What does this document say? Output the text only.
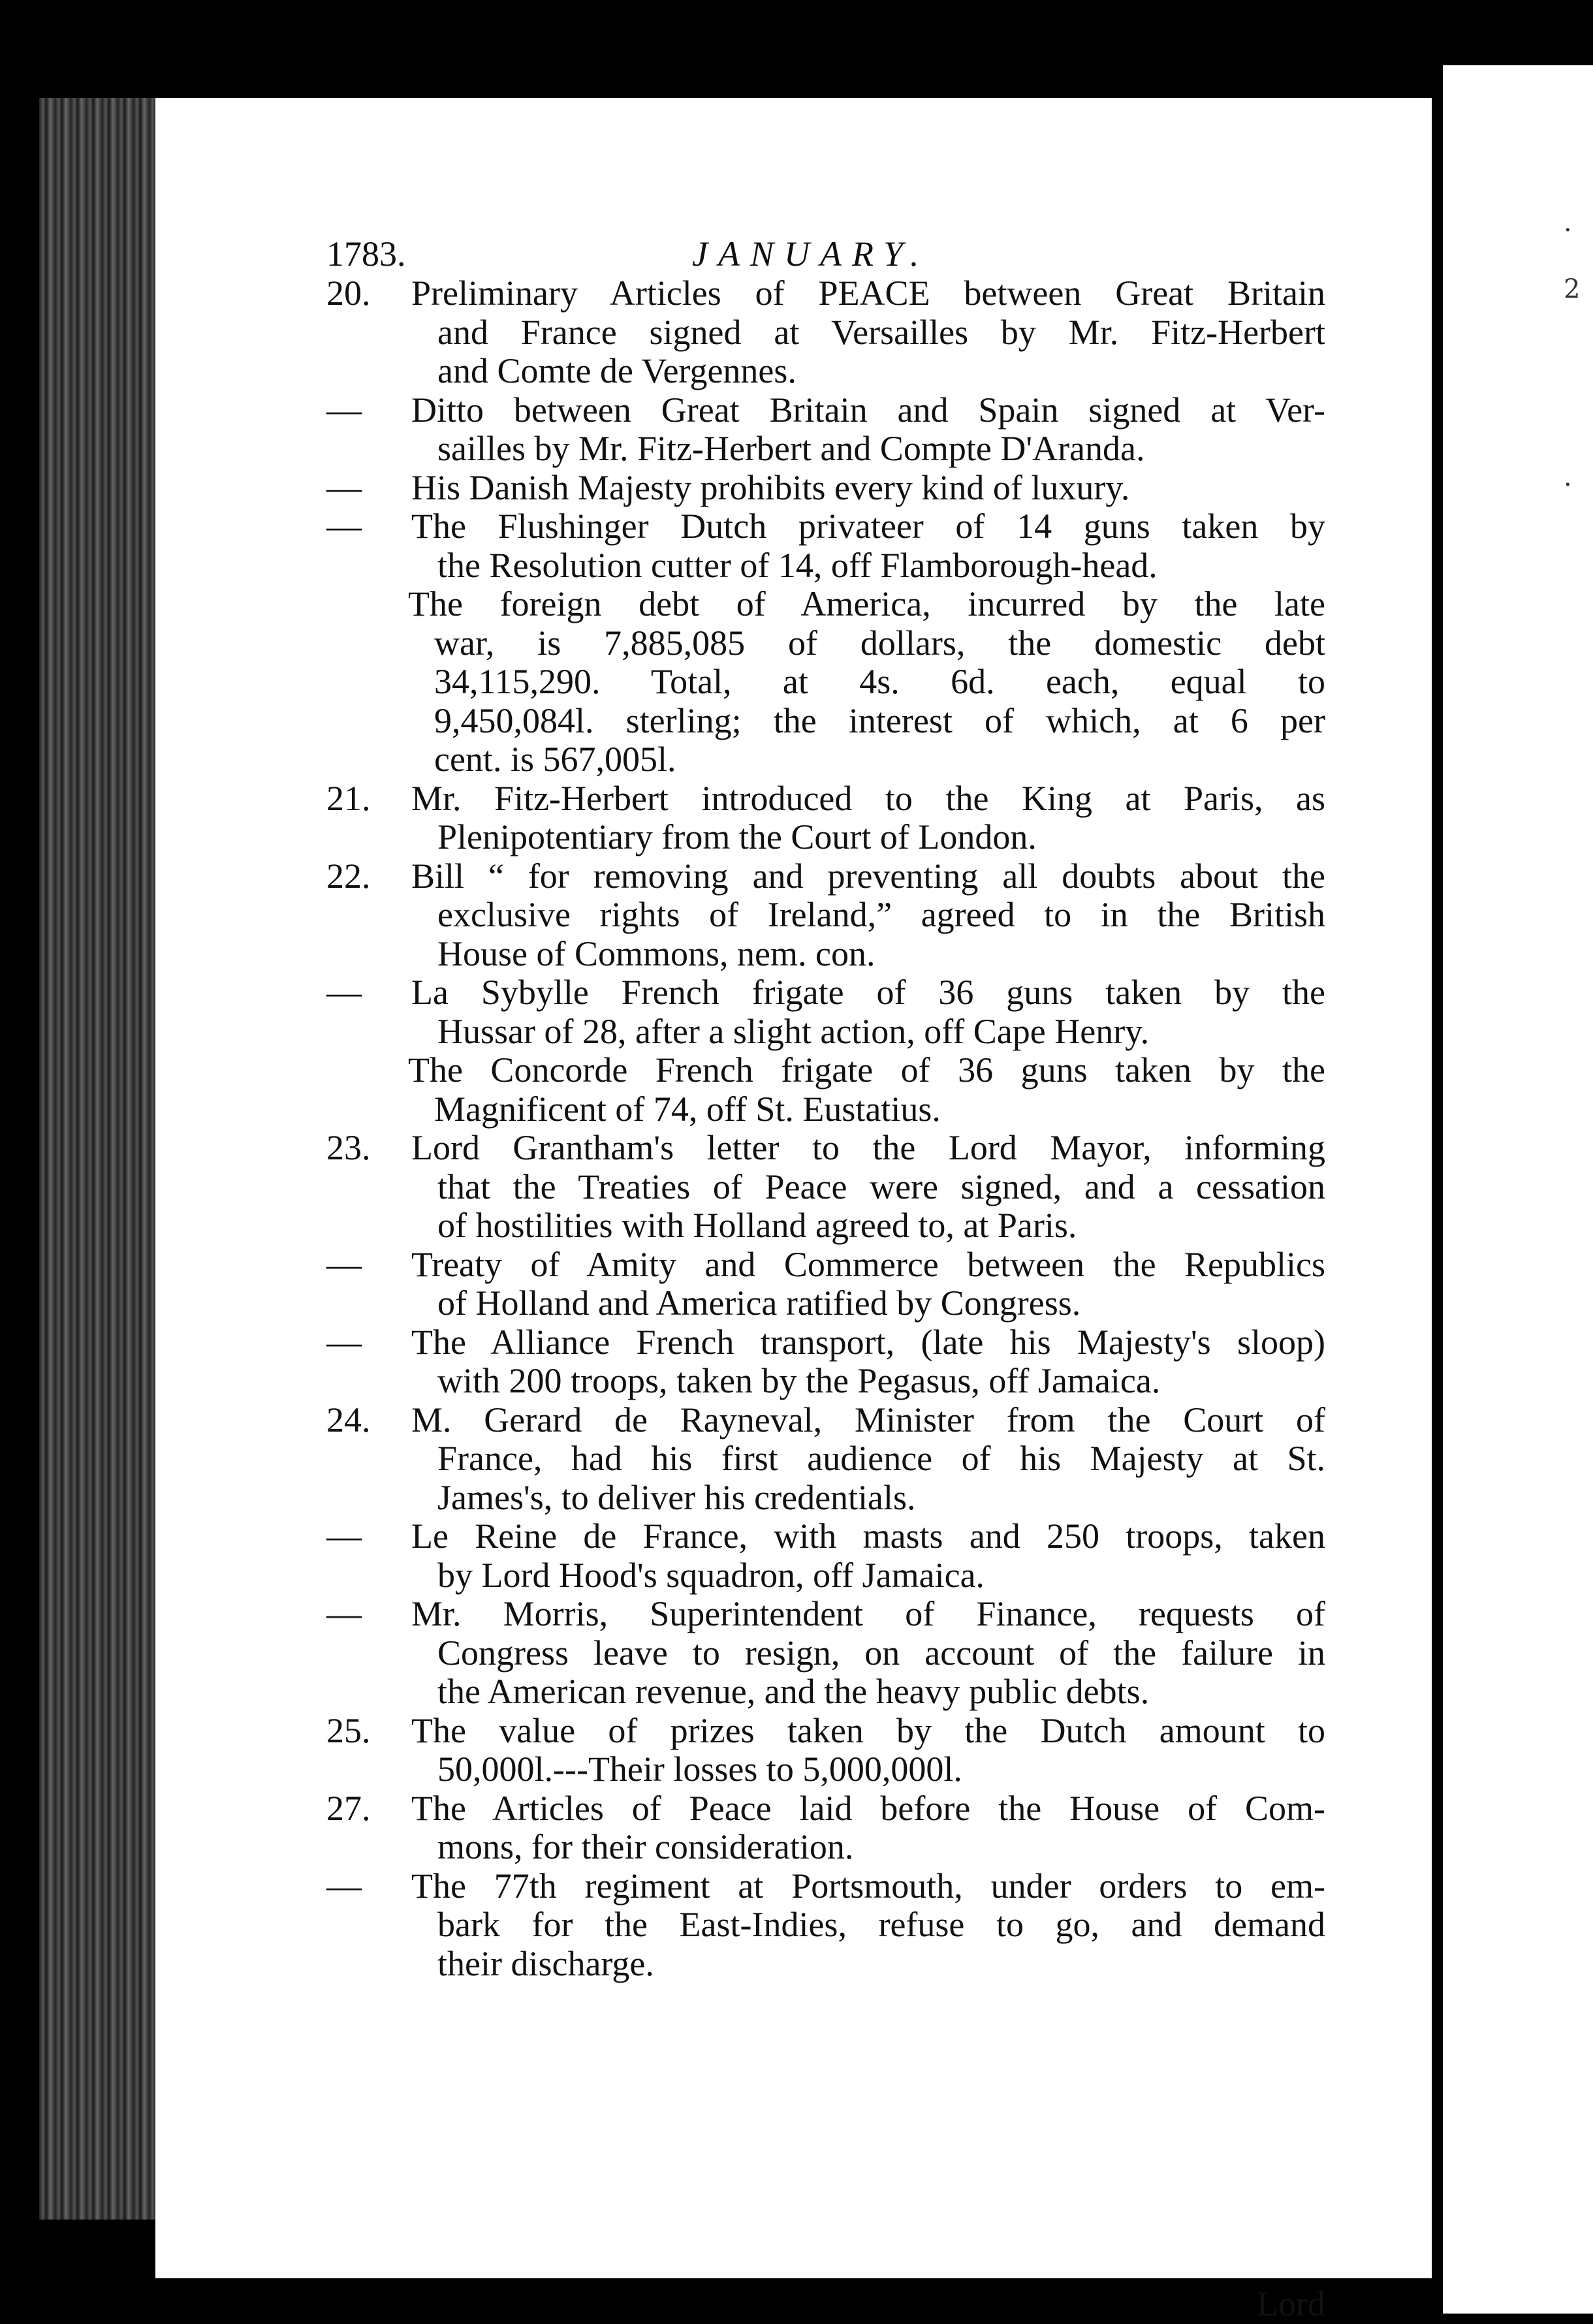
·
2
·
1783.	JANUARY.
20. Preliminary Articles of PEACE between Great Britain
and France signed at Versailles by Mr. Fitz-Herbert
and Comte de Vergennes.
— Ditto between Great Britain and Spain signed at Ver-
sailles by Mr. Fitz-Herbert and Compte D'Aranda.
— His Danish Majesty prohibits every kind of luxury.
— The Flushinger Dutch privateer of 14 guns taken by
the Resolution cutter of 14, off Flamborough-head.
The foreign debt of America, incurred by the late
war, is 7,885,085 of dollars, the domestic debt
34,115,290. Total, at 4s. 6d. each, equal to
9,450,084l. sterling; the interest of which, at 6 per
cent. is 567,005l.
21. Mr. Fitz-Herbert introduced to the King at Paris, as
Plenipotentiary from the Court of London.
22. Bill “ for removing and preventing all doubts about the
exclusive rights of Ireland,” agreed to in the British
House of Commons, nem. con.
— La Sybylle French frigate of 36 guns taken by the
Hussar of 28, after a slight action, off Cape Henry.
The Concorde French frigate of 36 guns taken by the
Magnificent of 74, off St. Eustatius.
23. Lord Grantham's letter to the Lord Mayor, informing
that the Treaties of Peace were signed, and a cessation
of hostilities with Holland agreed to, at Paris.
— Treaty of Amity and Commerce between the Republics
of Holland and America ratified by Congress.
— The Alliance French transport, (late his Majesty's sloop)
with 200 troops, taken by the Pegasus, off Jamaica.
24. M. Gerard de Rayneval, Minister from the Court of
France, had his first audience of his Majesty at St.
James's, to deliver his credentials.
— Le Reine de France, with masts and 250 troops, taken
by Lord Hood's squadron, off Jamaica.
— Mr. Morris, Superintendent of Finance, requests of
Congress leave to resign, on account of the failure in
the American revenue, and the heavy public debts.
25. The value of prizes taken by the Dutch amount to
50,000l.---Their losses to 5,000,000l.
27. The Articles of Peace laid before the House of Com-
mons, for their consideration.
— The 77th regiment at Portsmouth, under orders to em-
bark for the East-Indies, refuse to go, and demand
their discharge.
Lord
